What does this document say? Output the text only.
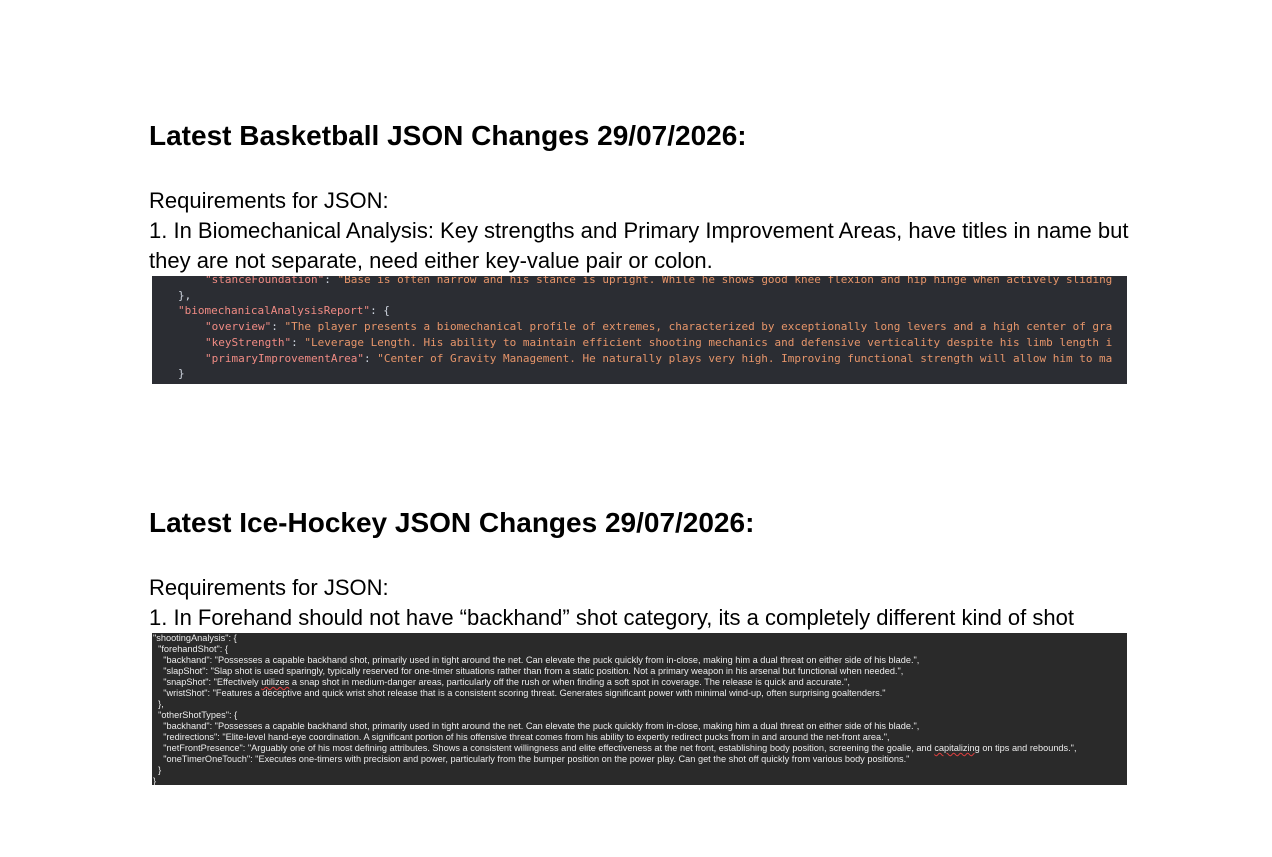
Latest Basketball JSON Changes 29/07/2026:

Requirements for JSON:

1. In Biomechanical Analysis: Key strengths and Primary Improvement Areas, have titles in name but they are not separate, need either key-value pair or colon.

"stanceFoundation": "Base is often narrow and his stance is upright. While he shows good knee flexion and hip hinge when actively sliding
},
"biomechanicalAnalysisReport": {
"overview": "The player presents a biomechanical profile of extremes, characterized by exceptionally long levers and a high center of gra
"keyStrength": "Leverage Length. His ability to maintain efficient shooting mechanics and defensive verticality despite his limb length i
"primaryImprovementArea": "Center of Gravity Management. He naturally plays very high. Improving functional strength will allow him to ma
}
Latest Ice-Hockey JSON Changes 29/07/2026:

Requirements for JSON:

1. In Forehand should not have “backhand” shot category, its a completely different kind of shot

"shootingAnalysis": {
"forehandShot": {
"backhand": "Possesses a capable backhand shot, primarily used in tight around the net. Can elevate the puck quickly from in-close, making him a dual threat on either side of his blade.",
"slapShot": "Slap shot is used sparingly, typically reserved for one-timer situations rather than from a static position. Not a primary weapon in his arsenal but functional when needed.",
"snapShot": "Effectively utilizes a snap shot in medium-danger areas, particularly off the rush or when finding a soft spot in coverage. The release is quick and accurate.",
"wristShot": "Features a deceptive and quick wrist shot release that is a consistent scoring threat. Generates significant power with minimal wind-up, often surprising goaltenders."
},
"otherShotTypes": {
"backhand": "Possesses a capable backhand shot, primarily used in tight around the net. Can elevate the puck quickly from in-close, making him a dual threat on either side of his blade.",
"redirections": "Elite-level hand-eye coordination. A significant portion of his offensive threat comes from his ability to expertly redirect pucks from in and around the net-front area.",
"netFrontPresence": "Arguably one of his most defining attributes. Shows a consistent willingness and elite effectiveness at the net front, establishing body position, screening the goalie, and capitalizing on tips and rebounds.",
"oneTimerOneTouch": "Executes one-timers with precision and power, particularly from the bumper position on the power play. Can get the shot off quickly from various body positions."
}
}
